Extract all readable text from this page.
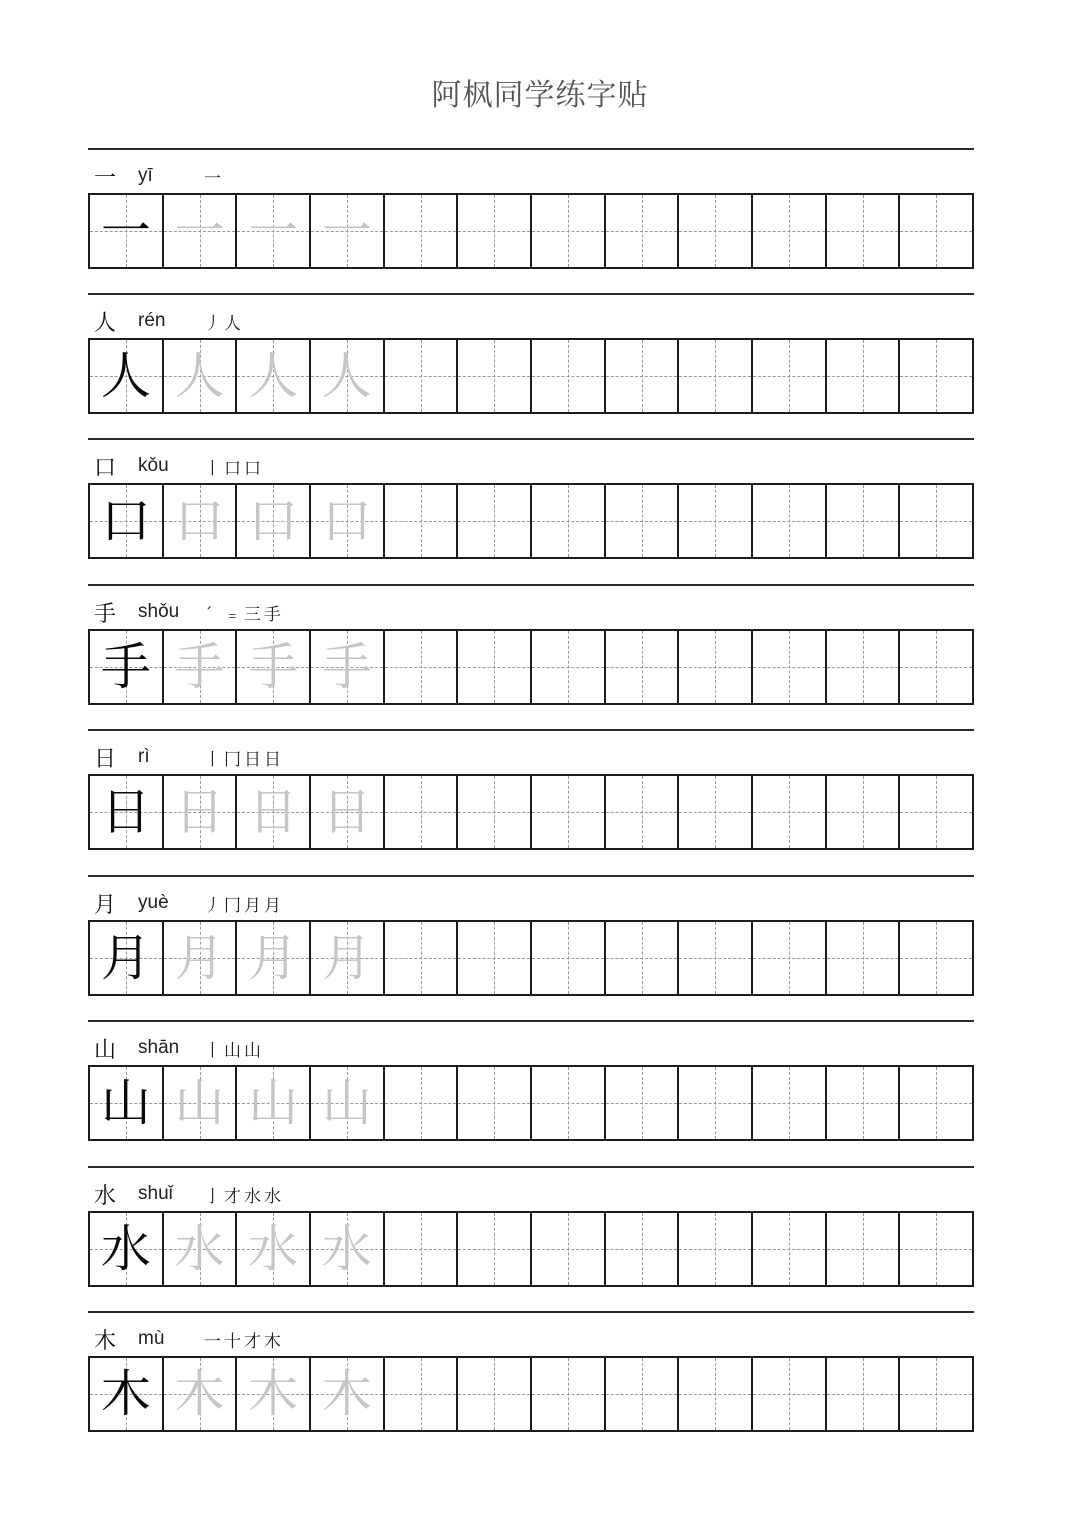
阿枫同学练字贴
一	yī	一
一 一 一 一
人	rén	丿人
人 人 人 人
口	kǒu	丨口口
口 口 口 口
手	shǒu	ˊ ﹦三手
手 手 手 手
日	rì	丨冂日日
日 日 日 日
月	yuè	丿冂月月
月 月 月 月
山	shān	丨山山
山 山 山 山
水	shuǐ	亅才水水
水 水 水 水
木	mù	一十才木
木 木 木 木
